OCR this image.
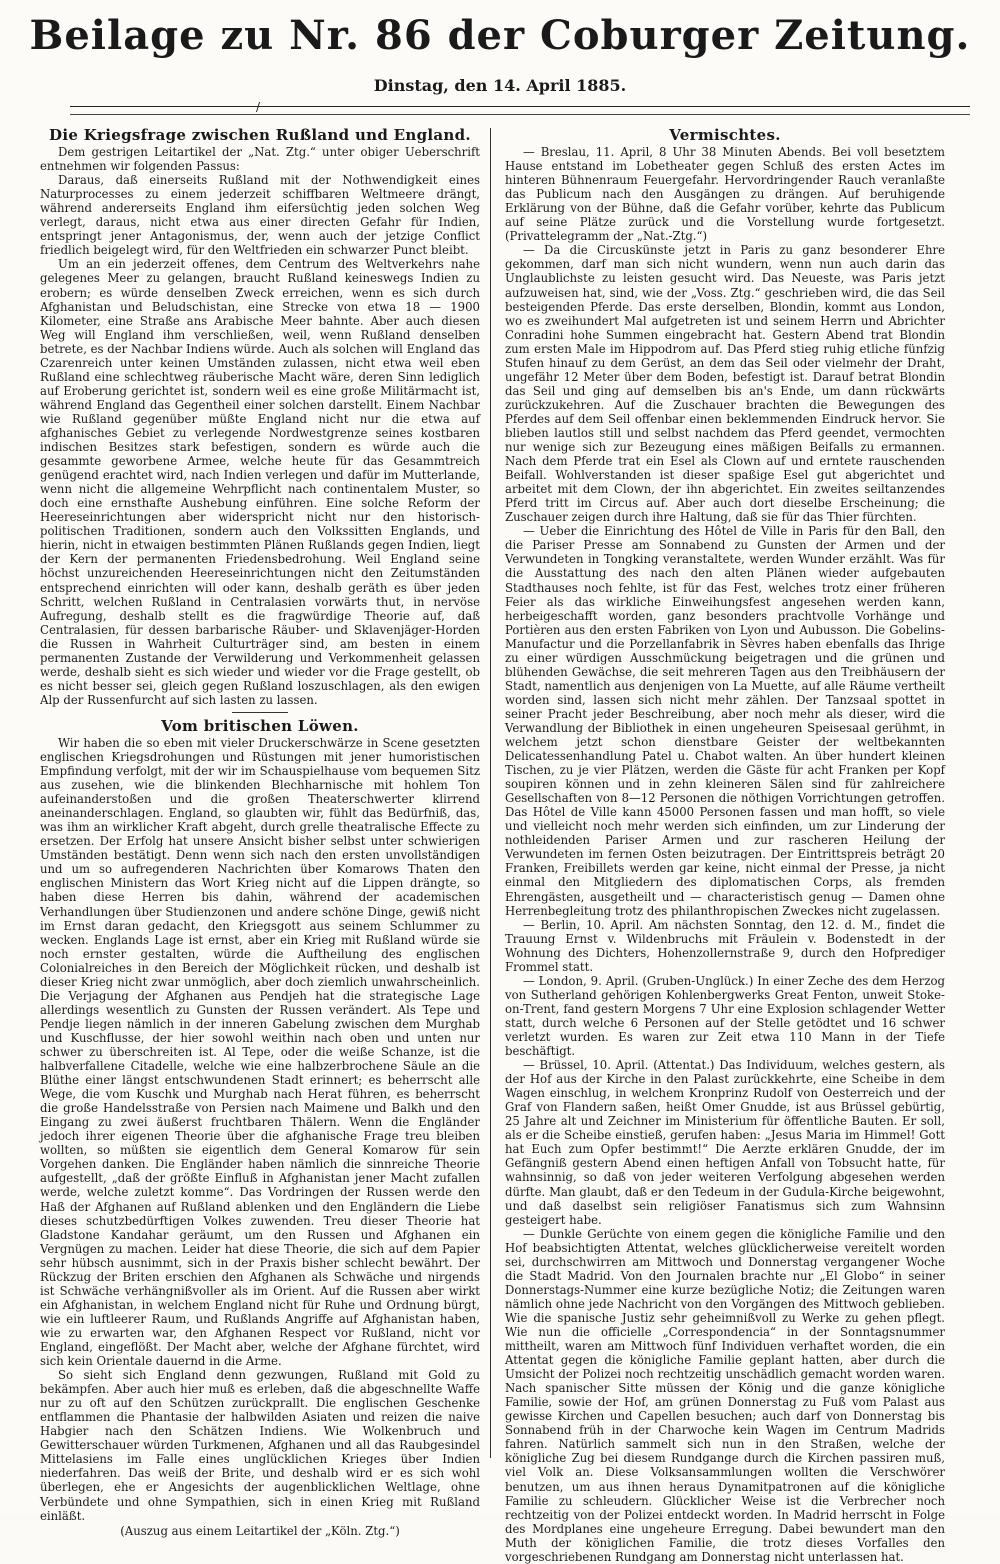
Beilage zu Nr. 86 der Coburger Zeitung.
Dinstag, den 14. April 1885.
/
Die Kriegsfrage zwischen Rußland und England.

Dem gestrigen Leitartikel der „Nat. Ztg.“ unter obiger Ueberschrift entnehmen wir folgenden Passus:

Daraus, daß einerseits Rußland mit der Nothwendigkeit eines Naturprocesses zu einem jederzeit schiffbaren Weltmeere drängt, während andererseits England ihm eifersüchtig jeden solchen Weg verlegt, daraus, nicht etwa aus einer directen Gefahr für Indien, entspringt jener Antagonismus, der, wenn auch der jetzige Conflict friedlich beigelegt wird, für den Weltfrieden ein schwarzer Punct bleibt.

Um an ein jederzeit offenes, dem Centrum des Weltverkehrs nahe gelegenes Meer zu gelangen, braucht Rußland keineswegs Indien zu erobern; es würde denselben Zweck erreichen, wenn es sich durch Afghanistan und Beludschistan, eine Strecke von etwa 18 — 1900 Kilometer, eine Straße ans Arabische Meer bahnte. Aber auch diesen Weg will England ihm verschließen, weil, wenn Rußland denselben betrete, es der Nachbar Indiens würde. Auch als solchen will England das Czarenreich unter keinen Umständen zulassen, nicht etwa weil eben Rußland eine schlechtweg räuberische Macht wäre, deren Sinn lediglich auf Eroberung gerichtet ist, sondern weil es eine große Militärmacht ist, während England das Gegentheil einer solchen darstellt. Einem Nachbar wie Rußland gegenüber müßte England nicht nur die etwa auf afghanisches Gebiet zu verlegende Nordwestgrenze seines kostbaren indischen Besitzes stark befestigen, sondern es würde auch die gesammte geworbene Armee, welche heute für das Gesammtreich genügend erachtet wird, nach Indien verlegen und dafür im Mutterlande, wenn nicht die allgemeine Wehrpflicht nach continentalem Muster, so doch eine ernsthafte Aushebung einführen. Eine solche Reform der Heereseinrichtungen aber widerspricht nicht nur den historisch-politischen Traditionen, sondern auch den Volkssitten Englands, und hierin, nicht in etwaigen bestimmten Plänen Rußlands gegen Indien, liegt der Kern der permanenten Friedensbedrohung. Weil England seine höchst unzureichenden Heereseinrichtungen nicht den Zeitumständen entsprechend einrichten will oder kann, deshalb geräth es über jeden Schritt, welchen Rußland in Centralasien vorwärts thut, in nervöse Aufregung, deshalb stellt es die fragwürdige Theorie auf, daß Centralasien, für dessen barbarische Räuber- und Sklavenjäger-Horden die Russen in Wahrheit Culturträger sind, am besten in einem permanenten Zustande der Verwilderung und Verkommenheit gelassen werde, deshalb sieht es sich wieder und wieder vor die Frage gestellt, ob es nicht besser sei, gleich gegen Rußland loszuschlagen, als den ewigen Alp der Russenfurcht auf sich lasten zu lassen.

Vom britischen Löwen.

Wir haben die so eben mit vieler Druckerschwärze in Scene gesetzten englischen Kriegsdrohungen und Rüstungen mit jener humoristischen Empfindung verfolgt, mit der wir im Schauspielhause vom bequemen Sitz aus zusehen, wie die blinkenden Blechharnische mit hohlem Ton aufeinanderstoßen und die großen Theaterschwerter klirrend aneinanderschlagen. England, so glaubten wir, fühlt das Bedürfniß, das, was ihm an wirklicher Kraft abgeht, durch grelle theatralische Effecte zu ersetzen. Der Erfolg hat unsere Ansicht bisher selbst unter schwierigen Umständen bestätigt. Denn wenn sich nach den ersten unvollständigen und um so aufregenderen Nachrichten über Komarows Thaten den englischen Ministern das Wort Krieg nicht auf die Lippen drängte, so haben diese Herren bis dahin, während der academischen Verhandlungen über Studienzonen und andere schöne Dinge, gewiß nicht im Ernst daran gedacht, den Kriegsgott aus seinem Schlummer zu wecken. Englands Lage ist ernst, aber ein Krieg mit Rußland würde sie noch ernster gestalten, würde die Auftheilung des englischen Colonialreiches in den Bereich der Möglichkeit rücken, und deshalb ist dieser Krieg nicht zwar unmöglich, aber doch ziemlich unwahrscheinlich. Die Verjagung der Afghanen aus Pendjeh hat die strategische Lage allerdings wesentlich zu Gunsten der Russen verändert. Als Tepe und Pendje liegen nämlich in der inneren Gabelung zwischen dem Murghab und Kuschflusse, der hier sowohl weithin nach oben und unten nur schwer zu überschreiten ist. Al Tepe, oder die weiße Schanze, ist die halbverfallene Citadelle, welche wie eine halbzerbrochene Säule an die Blüthe einer längst entschwundenen Stadt erinnert; es beherrscht alle Wege, die vom Kuschk und Murghab nach Herat führen, es beherrscht die große Handelsstraße von Persien nach Maimene und Balkh und den Eingang zu zwei äußerst fruchtbaren Thälern. Wenn die Engländer jedoch ihrer eigenen Theorie über die afghanische Frage treu bleiben wollten, so müßten sie eigentlich dem General Komarow für sein Vorgehen danken. Die Engländer haben nämlich die sinnreiche Theorie aufgestellt, „daß der größte Einfluß in Afghanistan jener Macht zufallen werde, welche zuletzt komme“. Das Vordringen der Russen werde den Haß der Afghanen auf Rußland ablenken und den Engländern die Liebe dieses schutzbedürftigen Volkes zuwenden. Treu dieser Theorie hat Gladstone Kandahar geräumt, um den Russen und Afghanen ein Vergnügen zu machen. Leider hat diese Theorie, die sich auf dem Papier sehr hübsch ausnimmt, sich in der Praxis bisher schlecht bewährt. Der Rückzug der Briten erschien den Afghanen als Schwäche und nirgends ist Schwäche verhängnißvoller als im Orient. Auf die Russen aber wirkt ein Afghanistan, in welchem England nicht für Ruhe und Ordnung bürgt, wie ein luftleerer Raum, und Rußlands Angriffe auf Afghanistan haben, wie zu erwarten war, den Afghanen Respect vor Rußland, nicht vor England, eingeflößt. Der Macht aber, welche der Afghane fürchtet, wird sich kein Orientale dauernd in die Arme.

So sieht sich England denn gezwungen, Rußland mit Gold zu bekämpfen. Aber auch hier muß es erleben, daß die abgeschnellte Waffe nur zu oft auf den Schützen zurückprallt. Die englischen Geschenke entflammen die Phantasie der halbwilden Asiaten und reizen die naive Habgier nach den Schätzen Indiens. Wie Wolkenbruch und Gewitterschauer würden Turkmenen, Afghanen und all das Raubgesindel Mittelasiens im Falle eines unglücklichen Krieges über Indien niederfahren. Das weiß der Brite, und deshalb wird er es sich wohl überlegen, ehe er Angesichts der augenblicklichen Weltlage, ohne Verbündete und ohne Sympathien, sich in einen Krieg mit Rußland einläßt.

(Auszug aus einem Leitartikel der „Köln. Ztg.“)

Vermischtes.

— Breslau, 11. April, 8 Uhr 38 Minuten Abends. Bei voll besetztem Hause entstand im Lobetheater gegen Schluß des ersten Actes im hinteren Bühnenraum Feuergefahr. Hervordringender Rauch veranlaßte das Publicum nach den Ausgängen zu drängen. Auf beruhigende Erklärung von der Bühne, daß die Gefahr vorüber, kehrte das Publicum auf seine Plätze zurück und die Vorstellung wurde fortgesetzt. (Privattelegramm der „Nat.-Ztg.“)

— Da die Circuskünste jetzt in Paris zu ganz besonderer Ehre gekommen, darf man sich nicht wundern, wenn nun auch darin das Unglaublichste zu leisten gesucht wird. Das Neueste, was Paris jetzt aufzuweisen hat, sind, wie der „Voss. Ztg.“ geschrieben wird, die das Seil besteigenden Pferde. Das erste derselben, Blondin, kommt aus London, wo es zweihundert Mal aufgetreten ist und seinem Herrn und Abrichter Conradini hohe Summen eingebracht hat. Gestern Abend trat Blondin zum ersten Male im Hippodrom auf. Das Pferd stieg ruhig etliche fünfzig Stufen hinauf zu dem Gerüst, an dem das Seil oder vielmehr der Draht, ungefähr 12 Meter über dem Boden, befestigt ist. Darauf betrat Blondin das Seil und ging auf demselben bis an's Ende, um dann rückwärts zurückzukehren. Auf die Zuschauer brachten die Bewegungen des Pferdes auf dem Seil offenbar einen beklemmenden Eindruck hervor. Sie blieben lautlos still und selbst nachdem das Pferd geendet, vermochten nur wenige sich zur Bezeugung eines mäßigen Beifalls zu ermannen. Nach dem Pferde trat ein Esel als Clown auf und erntete rauschenden Beifall. Wohlverstanden ist dieser spaßige Esel gut abgerichtet und arbeitet mit dem Clown, der ihn abgerichtet. Ein zweites seiltanzendes Pferd tritt im Circus auf. Aber auch dort dieselbe Erscheinung; die Zuschauer zeigen durch ihre Haltung, daß sie für das Thier fürchten.

— Ueber die Einrichtung des Hôtel de Ville in Paris für den Ball, den die Pariser Presse am Sonnabend zu Gunsten der Armen und der Verwundeten in Tongking veranstaltete, werden Wunder erzählt. Was für die Ausstattung des nach den alten Plänen wieder aufgebauten Stadthauses noch fehlte, ist für das Fest, welches trotz einer früheren Feier als das wirkliche Einweihungsfest angesehen werden kann, herbeigeschafft worden, ganz besonders prachtvolle Vorhänge und Portièren aus den ersten Fabriken von Lyon und Aubusson. Die Gobelins-Manufactur und die Porzellanfabrik in Sèvres haben ebenfalls das Ihrige zu einer würdigen Ausschmückung beigetragen und die grünen und blühenden Gewächse, die seit mehreren Tagen aus den Treibhäusern der Stadt, namentlich aus denjenigen von La Muette, auf alle Räume vertheilt worden sind, lassen sich nicht mehr zählen. Der Tanzsaal spottet in seiner Pracht jeder Beschreibung, aber noch mehr als dieser, wird die Verwandlung der Bibliothek in einen ungeheuren Speisesaal gerühmt, in welchem jetzt schon dienstbare Geister der weltbekannten Delicatessenhandlung Patel u. Chabot walten. An über hundert kleinen Tischen, zu je vier Plätzen, werden die Gäste für acht Franken per Kopf soupiren können und in zehn kleineren Sälen sind für zahlreichere Gesellschaften von 8—12 Personen die nöthigen Vorrichtungen getroffen. Das Hôtel de Ville kann 45000 Personen fassen und man hofft, so viele und vielleicht noch mehr werden sich einfinden, um zur Linderung der nothleidenden Pariser Armen und zur rascheren Heilung der Verwundeten im fernen Osten beizutragen. Der Eintrittspreis beträgt 20 Franken, Freibillets werden gar keine, nicht einmal der Presse, ja nicht einmal den Mitgliedern des diplomatischen Corps, als fremden Ehrengästen, ausgetheilt und — characteristisch genug — Damen ohne Herrenbegleitung trotz des philanthropischen Zweckes nicht zugelassen.

— Berlin, 10. April. Am nächsten Sonntag, den 12. d. M., findet die Trauung Ernst v. Wildenbruchs mit Fräulein v. Bodenstedt in der Wohnung des Dichters, Hohenzollernstraße 9, durch den Hofprediger Frommel statt.

— London, 9. April. (Gruben-Unglück.) In einer Zeche des dem Herzog von Sutherland gehörigen Kohlenbergwerks Great Fenton, unweit Stoke-on-Trent, fand gestern Morgens 7 Uhr eine Explosion schlagender Wetter statt, durch welche 6 Personen auf der Stelle getödtet und 16 schwer verletzt wurden. Es waren zur Zeit etwa 110 Mann in der Tiefe beschäftigt.

— Brüssel, 10. April. (Attentat.) Das Individuum, welches gestern, als der Hof aus der Kirche in den Palast zurückkehrte, eine Scheibe in dem Wagen einschlug, in welchem Kronprinz Rudolf von Oesterreich und der Graf von Flandern saßen, heißt Omer Gnudde, ist aus Brüssel gebürtig, 25 Jahre alt und Zeichner im Ministerium für öffentliche Bauten. Er soll, als er die Scheibe einstieß, gerufen haben: „Jesus Maria im Himmel! Gott hat Euch zum Opfer bestimmt!“ Die Aerzte erklären Gnudde, der im Gefängniß gestern Abend einen heftigen Anfall von Tobsucht hatte, für wahnsinnig, so daß von jeder weiteren Verfolgung abgesehen werden dürfte. Man glaubt, daß er den Tedeum in der Gudula-Kirche beigewohnt, und daß daselbst sein religiöser Fanatismus sich zum Wahnsinn gesteigert habe.

— Dunkle Gerüchte von einem gegen die königliche Familie und den Hof beabsichtigten Attentat, welches glücklicherweise vereitelt worden sei, durchschwirren am Mittwoch und Donnerstag vergangener Woche die Stadt Madrid. Von den Journalen brachte nur „El Globo“ in seiner Donnerstags-Nummer eine kurze bezügliche Notiz; die Zeitungen waren nämlich ohne jede Nachricht von den Vorgängen des Mittwoch geblieben. Wie die spanische Justiz sehr geheimnißvoll zu Werke zu gehen pflegt. Wie nun die officielle „Correspondencia“ in der Sonntagsnummer mittheilt, waren am Mittwoch fünf Individuen verhaftet worden, die ein Attentat gegen die königliche Familie geplant hatten, aber durch die Umsicht der Polizei noch rechtzeitig unschädlich gemacht worden waren. Nach spanischer Sitte müssen der König und die ganze königliche Familie, sowie der Hof, am grünen Donnerstag zu Fuß vom Palast aus gewisse Kirchen und Capellen besuchen; auch darf von Donnerstag bis Sonnabend früh in der Charwoche kein Wagen im Centrum Madrids fahren. Natürlich sammelt sich nun in den Straßen, welche der königliche Zug bei diesem Rundgange durch die Kirchen passiren muß, viel Volk an. Diese Volksansammlungen wollten die Verschwörer benutzen, um aus ihnen heraus Dynamitpatronen auf die königliche Familie zu schleudern. Glücklicher Weise ist die Verbrecher noch rechtzeitig von der Polizei entdeckt worden. In Madrid herrscht in Folge des Mordplanes eine ungeheure Erregung. Dabei bewundert man den Muth der königlichen Familie, die trotz dieses Vorfalles den vorgeschriebenen Rundgang am Donnerstag nicht unterlassen hat.
